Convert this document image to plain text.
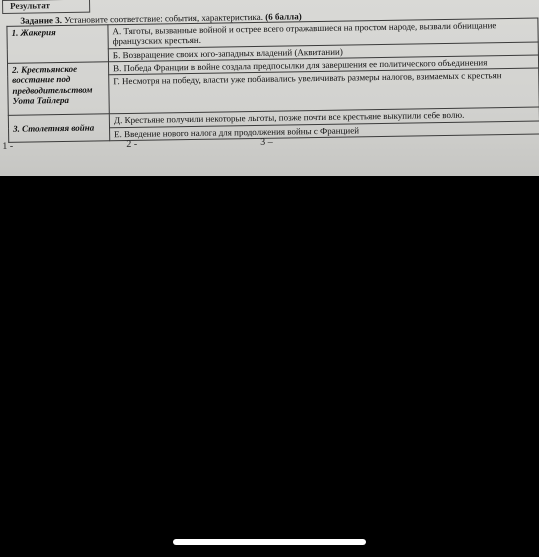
Результат
Задание 3. Установите соответствие: события, характеристика. (6 балла)
1. Жакерия	А. Тяготы, вызванные войной и острее всего отражавшиеся на простом народе, вызвали обнищание французских крестьян.
	Б. Возвращение своих юго-западных владений (Аквитании)
2. Крестьянское восстание под предводительством Уота Тайлера	В. Победа Франции в войне создала предпосылки для завершения ее политического объединения
	Г. Несмотря на победу, власти уже побаивались увеличивать размеры налогов, взимаемых с крестьян
3. Столетняя война	Д. Крестьяне получили некоторые льготы, позже почти все крестьяне выкупили себе волю.
	Е. Введение нового налога для продолжения войны с Францией
1 -	2 -	3 –
